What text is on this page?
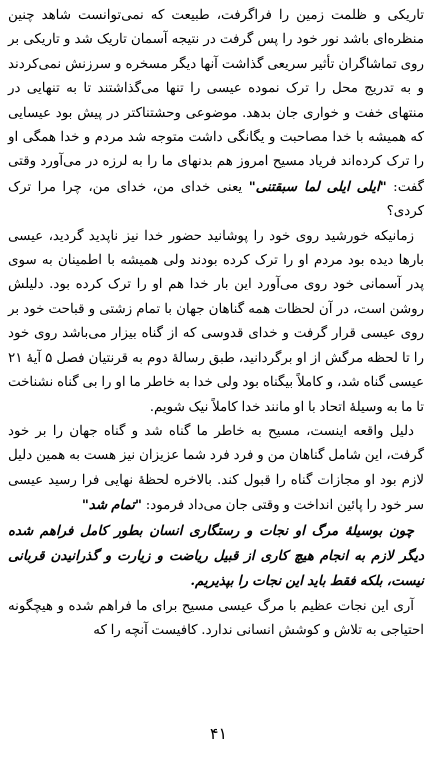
تاریکی و ظلمت زمین را فراگرفت، طبیعت که نمی‌توانست شاهد چنین منظره‌ای باشد نور خود را پس گرفت در نتیجه آسمان تاریک شد و تاریکی بر روی تماشاگران تأثیر سریعی گذاشت آنها دیگر مسخره و سرزنش نمی‌کردند و به تدریج محل را ترک نموده عیسی را تنها می‌گذاشتند تا به تنهایی در منتهای خفت و خواری جان بدهد. موضوعی وحشتناکتر در پیش بود عیسایی که همیشه با خدا مصاحبت و یگانگی داشت متوجه شد مردم و خدا همگی او را ترک کرده‌اند فریاد مسیح امروز هم بدنهای ما را به لرزه در می‌آورد وقتی گفت: "ایلی ایلی لما سبقتنی" یعنی خدای من، خدای من، چرا مرا ترک کردی؟

زمانیکه خورشید روی خود را پوشانید حضور خدا نیز ناپدید گردید، عیسی بارها دیده بود مردم او را ترک کرده بودند ولی همیشه با اطمینان به سوی پدر آسمانی خود روی می‌آورد این بار خدا هم او را ترک کرده بود. دلیلش روشن است، در آن لحظات همه گناهان جهان با تمام زشتی و قباحت خود بر روی عیسی قرار گرفت و خدای قدوسی که از گناه بیزار می‌باشد روی خود را تا لحظه مرگش از او برگردانید، طبق رسالهٔ دوم به قرنتیان فصل ۵ آیهٔ ۲۱ عیسی گناه شد، و کاملاً بیگناه بود ولی خدا به خاطر ما او را بی گناه نشناخت تا ما به وسیلهٔ اتحاد با او مانند خدا کاملاً نیک شویم.

دلیل واقعه اینست، مسیح به خاطر ما گناه شد و گناه جهان را بر خود گرفت، این شامل گناهان من و فرد فرد شما عزیزان نیز هست به همین دلیل لازم بود او مجازات گناه را قبول کند. بالاخره لحظهٔ نهایی فرا رسید عیسی سر خود را پائین انداخت و وقتی جان می‌داد فرمود: "تمام شد"

چون بوسیلهٔ مرگ او نجات و رستگاری انسان بطور کامل فراهم شده دیگر لازم به انجام هیچ کاری از قبیل ریاضت و زیارت و گذرانیدن قربانی نیست، بلکه فقط باید این نجات را بپذیریم.

آری این نجات عظیم با مرگ عیسی مسیح برای ما فراهم شده و هیچگونه احتیاجی به تلاش و کوشش انسانی ندارد. کافیست آنچه را که

۴۱
